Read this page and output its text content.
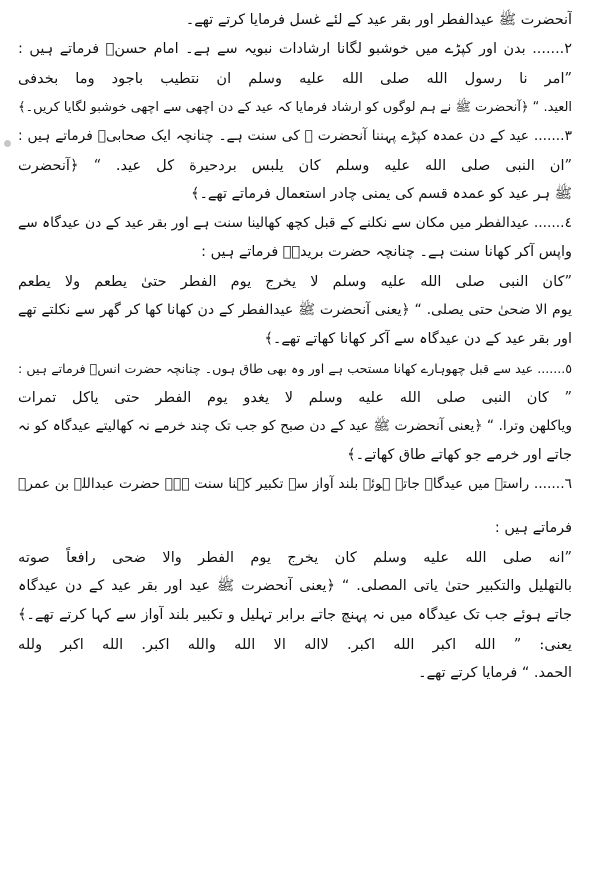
آنحضرت ﷺ عیدالفطر اور بقر عید کے لئے غسل فرمایا کرتے تھے۔
٢....... بدن اور کپڑے میں خوشبو لگانا ارشادات نبویہ سے ہے۔ امام حسنؓ فرماتے ہیں :
”امر نا رسول الله صلى الله عليه وسلم ان نتطيب باجود وما بخدفى
العيد. “ ﴿آنحضرت ﷺ نے ہم لوگوں کو ارشاد فرمایا کہ عید کے دن اچھی سے اچھی خوشبو لگایا کریں۔﴾
٣....... عید کے دن عمدہ کپڑے پہننا آنحضرت ﷺ کی سنت ہے۔ چنانچہ ایک صحابیؓ فرماتے ہیں :
”ان النبى صلى الله عليه وسلم كان يلبس بردحيرة كل عيد. “ ﴿آنحضرت
ﷺ ہر عید کو عمدہ قسم کی یمنی چادر استعمال فرماتے تھے۔﴾
٤....... عیدالفطر میں مکان سے نکلنے کے قبل کچھ کھالینا سنت ہے اور بقر عید کے دن عیدگاہ سے
واپس آکر کھانا سنت ہے۔ چنانچہ حضرت بریدہؓ فرماتے ہیں :
”كان النبى صلى الله عليه وسلم لا يخرج يوم الفطر حتىٰ يطعم ولا يطعم
يوم الا ضحىٰ حتى يصلى. “ ﴿یعنی آنحضرت ﷺ عیدالفطر کے دن کھانا کھا کر گھر سے نکلتے تھے
اور بقر عید کے دن عیدگاہ سے آکر کھانا کھاتے تھے۔﴾
٥....... عید سے قبل چھوہارے کھانا مستحب ہے اور وہ بھی طاق ہوں۔ چنانچہ حضرت انسؓ فرماتے ہیں :
” كان النبى صلى الله عليه وسلم لا يغدو يوم الفطر حتى ياكل تمرات
وياكلهن وترا. “ ﴿یعنی آنحضرت ﷺ عید کے دن صبح کو جب تک چند خرمے نہ کھالیتے عیدگاہ کو نہ
جاتے اور خرمے جو کھاتے طاق کھاتے۔﴾
٦....... راستے میں عیدگاہ جاتے ہوئے بلند آواز سے تکبیر کہنا سنت ہے۔ حضرت عبداللہ بن عمرؓ
فرماتے ہیں :
”انه صلى الله عليه وسلم كان يخرج يوم الفطر والا ضحى رافعاً صوته
بالتهليل والتكبير حتىٰ ياتى المصلى. “ ﴿یعنی آنحضرت ﷺ عید اور بقر عید کے دن عیدگاہ
جاتے ہوئے جب تک عیدگاہ میں نہ پہنچ جاتے برابر تہلیل و تکبیر بلند آواز سے کہا کرتے تھے۔﴾
یعنی: ” الله اكبر الله اكبر. لااله الا الله والله اكبر. الله اكبر ولله
الحمد. “ فرمایا کرتے تھے۔
